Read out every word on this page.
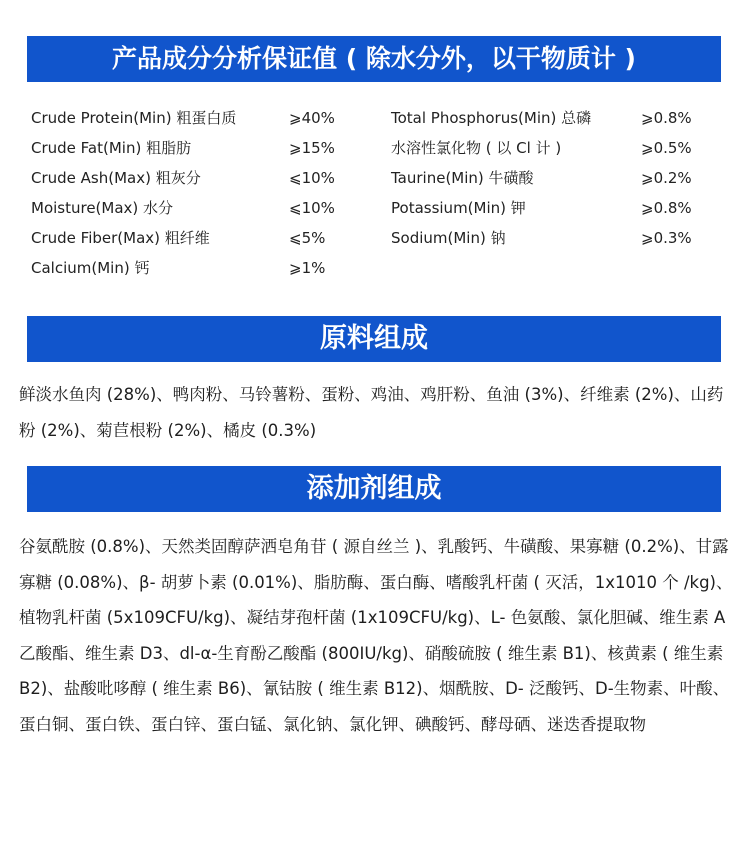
产品成分分析保证值 ( 除水分外，以干物质计 )
Crude Protein(Min) 粗蛋白质	⩾40%	Total Phosphorus(Min) 总磷	⩾0.8%
Crude Fat(Min) 粗脂肪	⩾15%	水溶性氯化物 ( 以 Cl 计 )	⩾0.5%
Crude Ash(Max) 粗灰分	⩽10%	Taurine(Min) 牛磺酸	⩾0.2%
Moisture(Max) 水分	⩽10%	Potassium(Min) 钾	⩾0.8%
Crude Fiber(Max) 粗纤维	⩽5%	Sodium(Min) 钠	⩾0.3%
Calcium(Min) 钙	⩾1%
原料组成
鲜淡水鱼肉 (28%)、鸭肉粉、马铃薯粉、蛋粉、鸡油、鸡肝粉、鱼油 (3%)、纤维素 (2%)、山药粉 (2%)、菊苣根粉 (2%)、橘皮 (0.3%)
添加剂组成
谷氨酰胺 (0.8%)、天然类固醇萨洒皂角苷 ( 源自丝兰 )、乳酸钙、牛磺酸、果寡糖 (0.2%)、甘露寡糖 (0.08%)、β- 胡萝卜素 (0.01%)、脂肪酶、蛋白酶、嗜酸乳杆菌 ( 灭活，1x1010 个 /kg)、植物乳杆菌 (5x109CFU/kg)、凝结芽孢杆菌 (1x109CFU/kg)、L- 色氨酸、氯化胆碱、维生素 A乙酸酯、维生素 D3、dl-α-生育酚乙酸酯 (800IU/kg)、硝酸硫胺 ( 维生素 B1)、核黄素 ( 维生素 B2)、盐酸吡哆醇 ( 维生素 B6)、氰钴胺 ( 维生素 B12)、烟酰胺、D- 泛酸钙、D-生物素、叶酸、蛋白铜、蛋白铁、蛋白锌、蛋白锰、氯化钠、氯化钾、碘酸钙、酵母硒、迷迭香提取物
